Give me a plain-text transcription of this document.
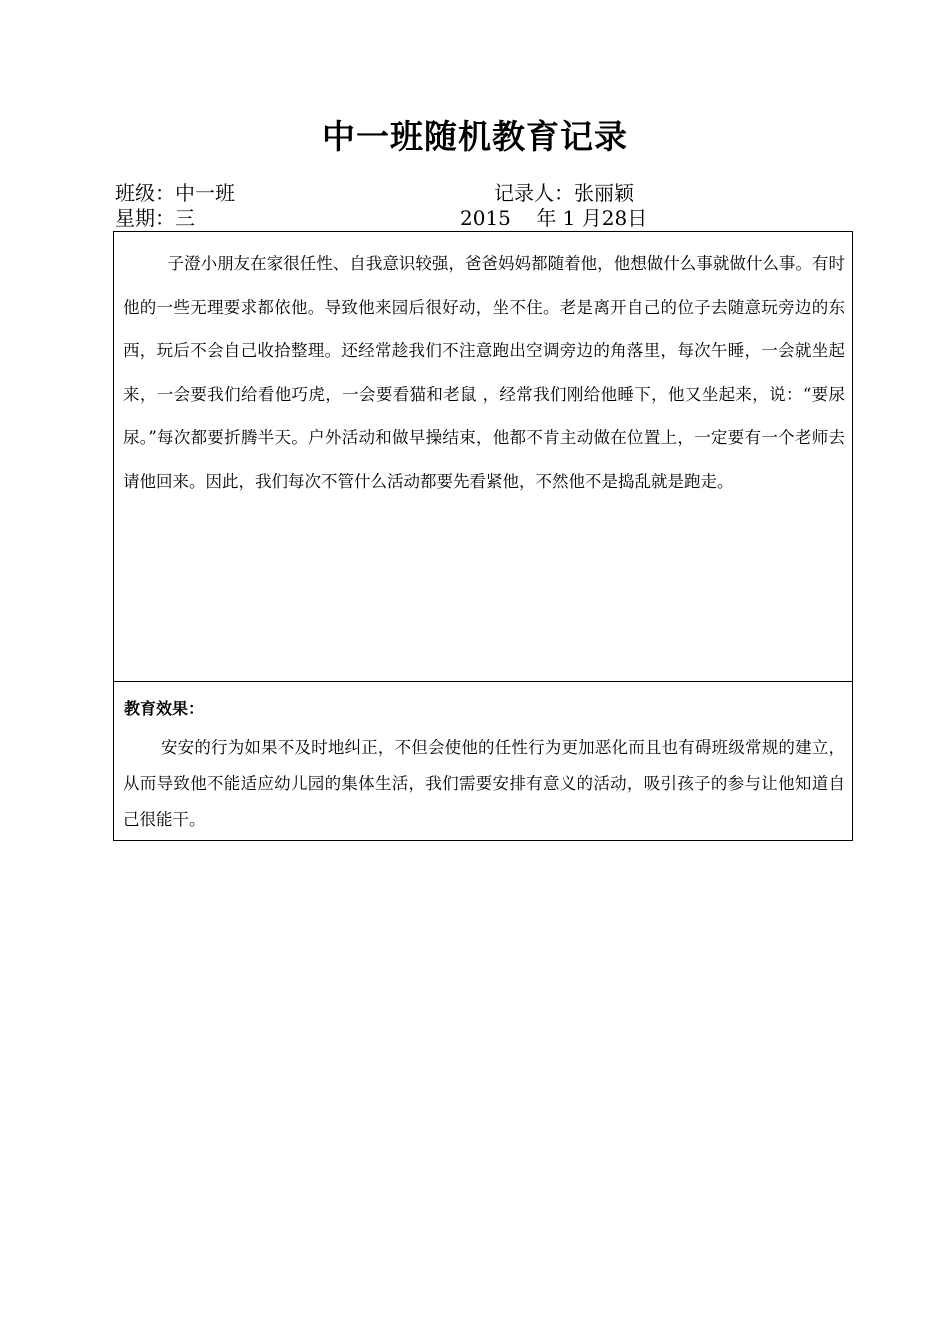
中一班随机教育记录
班级：中一班	记录人：张丽颖
星期：三	2015    年 1 月28日

子澄小朋友在家很任性、自我意识较强，爸爸妈妈都随着他，他想做什么事就做什么事。有时他的一些无理要求都依他。导致他来园后很好动，坐不住。老是离开自己的位子去随意玩旁边的东西，玩后不会自己收拾整理。还经常趁我们不注意跑出空调旁边的角落里，每次午睡，一会就坐起来，一会要我们给看他巧虎，一会要看猫和老鼠 ，经常我们刚给他睡下，他又坐起来，说：“要尿尿。”每次都要折腾半天。户外活动和做早操结束，他都不肯主动做在位置上，一定要有一个老师去请他回来。因此，我们每次不管什么活动都要先看紧他，不然他不是捣乱就是跑走。

教育效果：

安安的行为如果不及时地纠正，不但会使他的任性行为更加恶化而且也有碍班级常规的建立，从而导致他不能适应幼儿园的集体生活，我们需要安排有意义的活动，吸引孩子的参与让他知道自己很能干。
